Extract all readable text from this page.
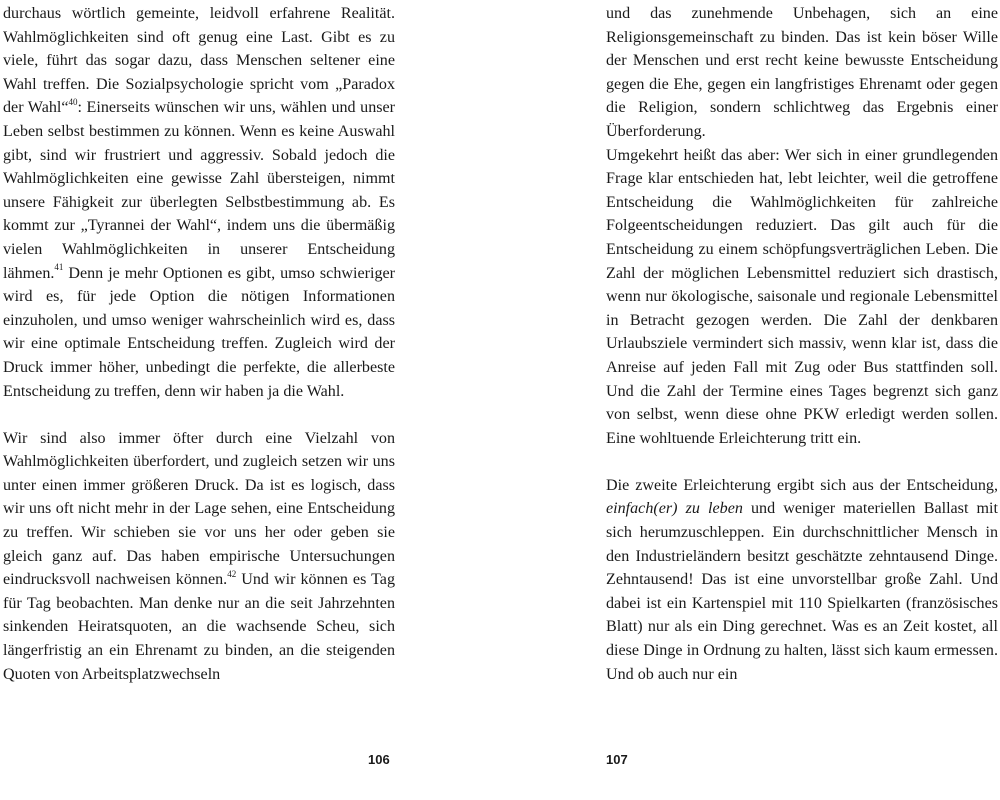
durchaus wörtlich gemeinte, leidvoll erfahrene Realität. Wahlmöglichkeiten sind oft genug eine Last. Gibt es zu viele, führt das sogar dazu, dass Menschen seltener eine Wahl treffen. Die Sozialpsychologie spricht vom „Paradox der Wahl“$^{40}$: Einerseits wünschen wir uns, wählen und unser Leben selbst bestimmen zu können. Wenn es keine Auswahl gibt, sind wir frustriert und aggressiv. Sobald jedoch die Wahlmöglichkeiten eine gewisse Zahl übersteigen, nimmt unsere Fähigkeit zur überlegten Selbstbestimmung ab. Es kommt zur „Tyrannei der Wahl“, indem uns die übermäßig vielen Wahlmöglichkeiten in unserer Entscheidung lähmen.$^{41}$ Denn je mehr Optionen es gibt, umso schwieriger wird es, für jede Option die nötigen Informationen einzuholen, und umso weniger wahrscheinlich wird es, dass wir eine optimale Entscheidung treffen. Zugleich wird der Druck immer höher, unbedingt die perfekte, die allerbeste Entscheidung zu treffen, denn wir haben ja die Wahl.

Wir sind also immer öfter durch eine Vielzahl von Wahlmöglichkeiten überfordert, und zugleich setzen wir uns unter einen immer größeren Druck. Da ist es logisch, dass wir uns oft nicht mehr in der Lage sehen, eine Entscheidung zu treffen. Wir schieben sie vor uns her oder geben sie gleich ganz auf. Das haben empirische Untersuchungen eindrucksvoll nachweisen können.$^{42}$ Und wir können es Tag für Tag beobachten. Man denke nur an die seit Jahrzehnten sinkenden Heiratsquoten, an die wachsende Scheu, sich längerfristig an ein Ehrenamt zu binden, an die steigenden Quoten von Arbeitsplatzwechseln

106

und das zunehmende Unbehagen, sich an eine Religionsgemeinschaft zu binden. Das ist kein böser Wille der Menschen und erst recht keine bewusste Entscheidung gegen die Ehe, gegen ein langfristiges Ehrenamt oder gegen die Religion, sondern schlichtweg das Ergebnis einer Überforderung.

Umgekehrt heißt das aber: Wer sich in einer grundlegenden Frage klar entschieden hat, lebt leichter, weil die getroffene Entscheidung die Wahlmöglichkeiten für zahlreiche Folgeentscheidungen reduziert. Das gilt auch für die Entscheidung zu einem schöpfungsverträglichen Leben. Die Zahl der möglichen Lebensmittel reduziert sich drastisch, wenn nur ökologische, saisonale und regionale Lebensmittel in Betracht gezogen werden. Die Zahl der denkbaren Urlaubsziele vermindert sich massiv, wenn klar ist, dass die Anreise auf jeden Fall mit Zug oder Bus stattfinden soll. Und die Zahl der Termine eines Tages begrenzt sich ganz von selbst, wenn diese ohne PKW erledigt werden sollen. Eine wohltuende Erleichterung tritt ein.

Die zweite Erleichterung ergibt sich aus der Entscheidung, einfach(er) zu leben und weniger materiellen Ballast mit sich herumzuschleppen. Ein durchschnittlicher Mensch in den Industrieländern besitzt geschätzte zehntausend Dinge. Zehntausend! Das ist eine unvorstellbar große Zahl. Und dabei ist ein Kartenspiel mit 110 Spielkarten (französisches Blatt) nur als ein Ding gerechnet. Was es an Zeit kostet, all diese Dinge in Ordnung zu halten, lässt sich kaum ermessen. Und ob auch nur ein

107
